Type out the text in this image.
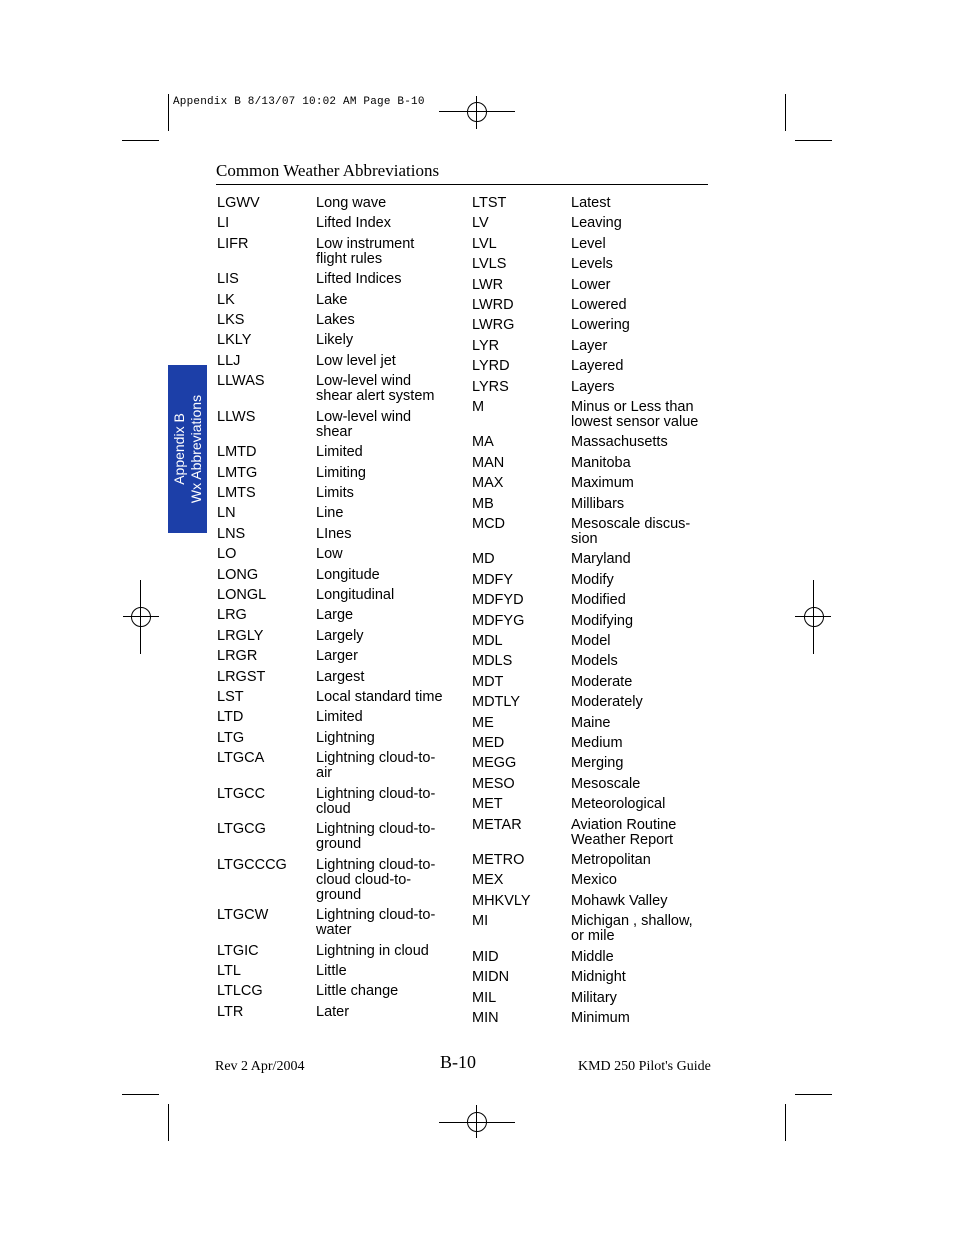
Appendix B 8/13/07 10:02 AM Page B-10
Common Weather Abbreviations
Appendix B Wx Abbreviations
LGWV	Long wave
LI	Lifted Index
LIFR	Low instrument
flight rules
LIS	Lifted Indices
LK	Lake
LKS	Lakes
LKLY	Likely
LLJ	Low level jet
LLWAS	Low-level wind
shear alert system
LLWS	Low-level wind
shear
LMTD	Limited
LMTG	Limiting
LMTS	Limits
LN	Line
LNS	LInes
LO	Low
LONG	Longitude
LONGL	Longitudinal
LRG	Large
LRGLY	Largely
LRGR	Larger
LRGST	Largest
LST	Local standard time
LTD	Limited
LTG	Lightning
LTGCA	Lightning cloud-to-
air
LTGCC	Lightning cloud-to-
cloud
LTGCG	Lightning cloud-to-
ground
LTGCCCG Lightning cloud-to-
cloud cloud-to-
ground
LTGCW	Lightning cloud-to-
water
LTGIC	Lightning in cloud
LTL	Little
LTLCG	Little change
LTR	Later
LTST	Latest
LV	Leaving
LVL	Level
LVLS	Levels
LWR	Lower
LWRD	Lowered
LWRG	Lowering
LYR	Layer
LYRD	Layered
LYRS	Layers
M	Minus or Less than
lowest sensor value
MA	Massachusetts
MAN	Manitoba
MAX	Maximum
MB	Millibars
MCD	Mesoscale discus-
sion
MD	Maryland
MDFY	Modify
MDFYD	Modified
MDFYG	Modifying
MDL	Model
MDLS	Models
MDT	Moderate
MDTLY	Moderately
ME	Maine
MED	Medium
MEGG	Merging
MESO	Mesoscale
MET	Meteorological
METAR	Aviation Routine
Weather Report
METRO	Metropolitan
MEX	Mexico
MHKVLY	Mohawk Valley
MI	Michigan , shallow,
or mile
MID	Middle
MIDN	Midnight
MIL	Military
MIN	Minimum
Rev 2 Apr/2004	B-10	KMD 250 Pilot's Guide
